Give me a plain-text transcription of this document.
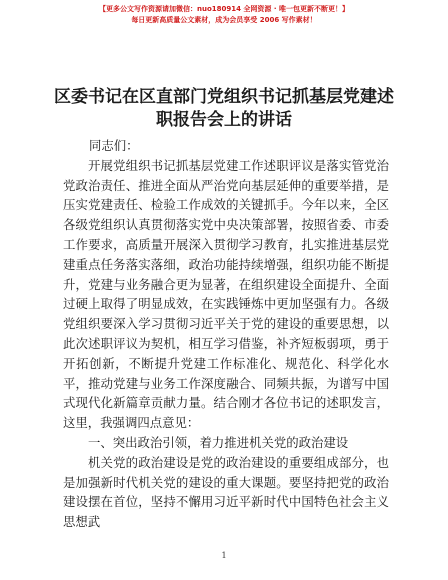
【更多公文写作资源请加微信：nuo180914 全网资源 · 唯一包更新不断更！】
每日更新高质量公文素材，成为会员享受 2006 写作素材！
区委书记在区直部门党组织书记抓基层党建述
职报告会上的讲话

同志们：

开展党组织书记抓基层党建工作述职评议是落实管党治党政治责任、推进全面从严治党向基层延伸的重要举措，是压实党建责任、检验工作成效的关键抓手。今年以来，全区各级党组织认真贯彻落实党中央决策部署，按照省委、市委工作要求，高质量开展深入贯彻学习教育，扎实推进基层党建重点任务落实落细，政治功能持续增强，组织功能不断提升，党建与业务融合更为显著，在组织建设全面提升、全面过硬上取得了明显成效，在实践锤炼中更加坚强有力。各级党组织要深入学习贯彻习近平关于党的建设的重要思想，以此次述职评议为契机，相互学习借鉴，补齐短板弱项，勇于开拓创新，不断提升党建工作标准化、规范化、科学化水平，推动党建与业务工作深度融合、同频共振，为谱写中国式现代化新篇章贡献力量。结合刚才各位书记的述职发言，这里，我强调四点意见：

一、突出政治引领，着力推进机关党的政治建设

机关党的政治建设是党的政治建设的重要组成部分，也是加强新时代机关党的建设的重大课题。要坚持把党的政治建设摆在首位，坚持不懈用习近平新时代中国特色社会主义思想武

1
